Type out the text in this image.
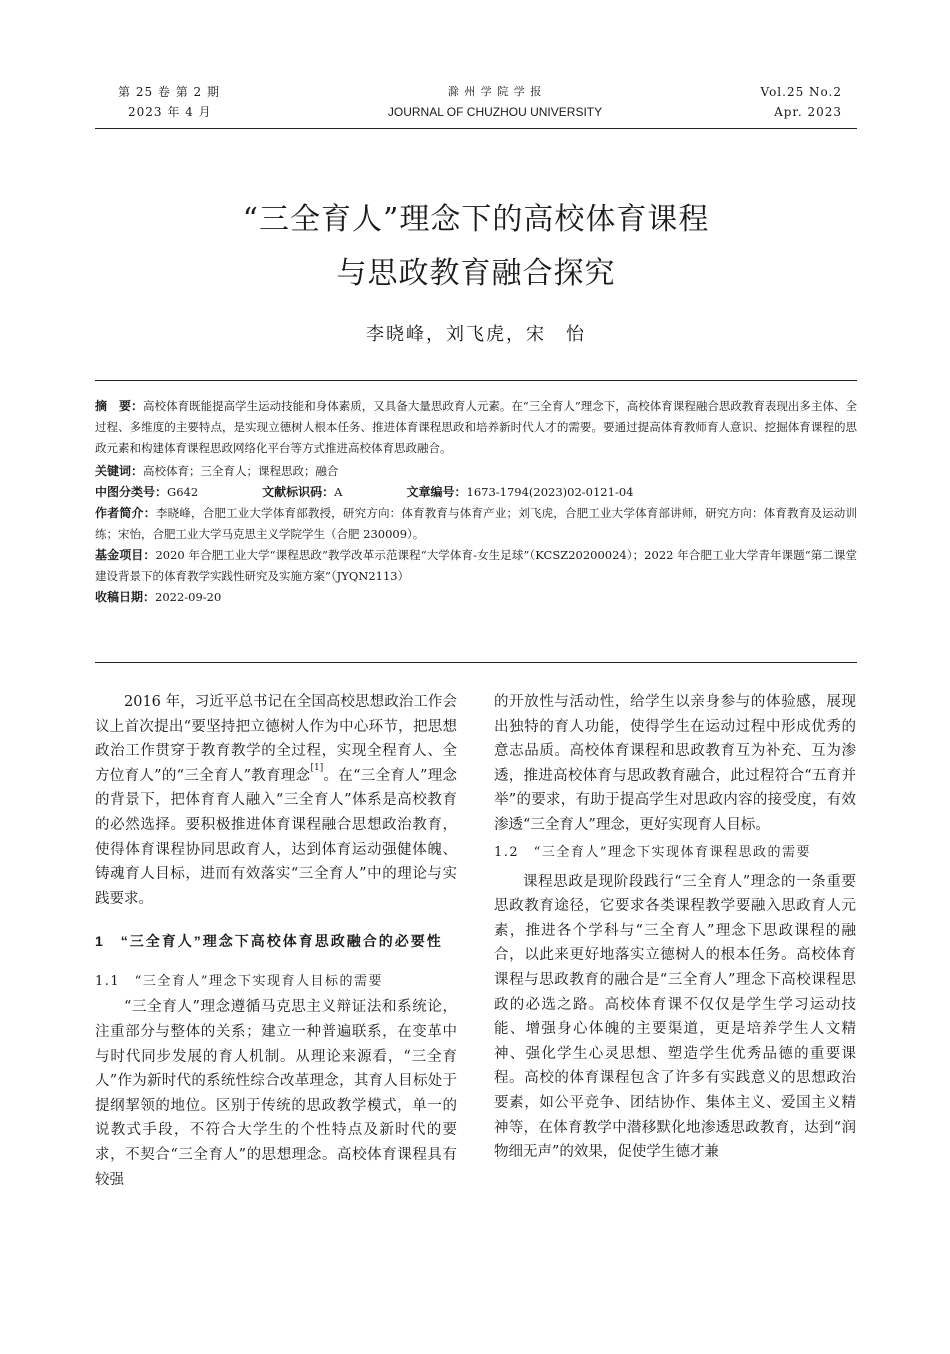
第 25 卷 第 2 期
2023 年 4 月
滁 州 学 院 学 报
JOURNAL OF CHUZHOU UNIVERSITY
Vol.25 No.2
Apr. 2023
“三全育人”理念下的高校体育课程
与思政教育融合探究
李晓峰，刘飞虎，宋　怡
摘　要：高校体育既能提高学生运动技能和身体素质，又具备大量思政育人元素。在“三全育人”理念下，高校体育课程融合思政教育表现出多主体、全过程、多维度的主要特点，是实现立德树人根本任务、推进体育课程思政和培养新时代人才的需要。要通过提高体育教师育人意识、挖掘体育课程的思政元素和构建体育课程思政网络化平台等方式推进高校体育思政融合。
关键词：高校体育；三全育人；课程思政；融合
中图分类号：G642	文献标识码：A	文章编号：1673-1794(2023)02-0121-04
作者简介：李晓峰，合肥工业大学体育部教授，研究方向：体育教育与体育产业；刘飞虎，合肥工业大学体育部讲师，研究方向：体育教育及运动训练；宋怡，合肥工业大学马克思主义学院学生（合肥 230009）。
基金项目：2020 年合肥工业大学“课程思政”教学改革示范课程“大学体育-女生足球”（KCSZ20200024）；2022 年合肥工业大学青年课题“第二课堂建设背景下的体育教学实践性研究及实施方案”（JYQN2113）
收稿日期：2022-09-20

2016 年，习近平总书记在全国高校思想政治工作会议上首次提出“要坚持把立德树人作为中心环节，把思想政治工作贯穿于教育教学的全过程，实现全程育人、全方位育人”的“三全育人”教育理念[1]。在“三全育人”理念的背景下，把体育育人融入“三全育人”体系是高校教育的必然选择。要积极推进体育课程融合思想政治教育，使得体育课程协同思政育人，达到体育运动强健体魄、铸魂育人目标，进而有效落实“三全育人”中的理论与实践要求。

1　“三全育人”理念下高校体育思政融合的必要性

1.1　“三全育人”理念下实现育人目标的需要

“三全育人”理念遵循马克思主义辩证法和系统论，注重部分与整体的关系；建立一种普遍联系，在变革中与时代同步发展的育人机制。从理论来源看，“三全育人”作为新时代的系统性综合改革理念，其育人目标处于提纲挈领的地位。区别于传统的思政教学模式，单一的说教式手段，不符合大学生的个性特点及新时代的要求，不契合“三全育人”的思想理念。高校体育课程具有较强

的开放性与活动性，给学生以亲身参与的体验感，展现出独特的育人功能，使得学生在运动过程中形成优秀的意志品质。高校体育课程和思政教育互为补充、互为渗透，推进高校体育与思政教育融合，此过程符合“五育并举”的要求，有助于提高学生对思政内容的接受度，有效渗透“三全育人”理念，更好实现育人目标。

1.2　“三全育人”理念下实现体育课程思政的需要

课程思政是现阶段践行“三全育人”理念的一条重要思政教育途径，它要求各类课程教学要融入思政育人元素，推进各个学科与“三全育人”理念下思政课程的融合，以此来更好地落实立德树人的根本任务。高校体育课程与思政教育的融合是“三全育人”理念下高校课程思政的必选之路。高校体育课不仅仅是学生学习运动技能、增强身心体魄的主要渠道，更是培养学生人文精神、强化学生心灵思想、塑造学生优秀品德的重要课程。高校的体育课程包含了许多有实践意义的思想政治要素，如公平竞争、团结协作、集体主义、爱国主义精神等，在体育教学中潜移默化地渗透思政教育，达到“润物细无声”的效果，促使学生德才兼
